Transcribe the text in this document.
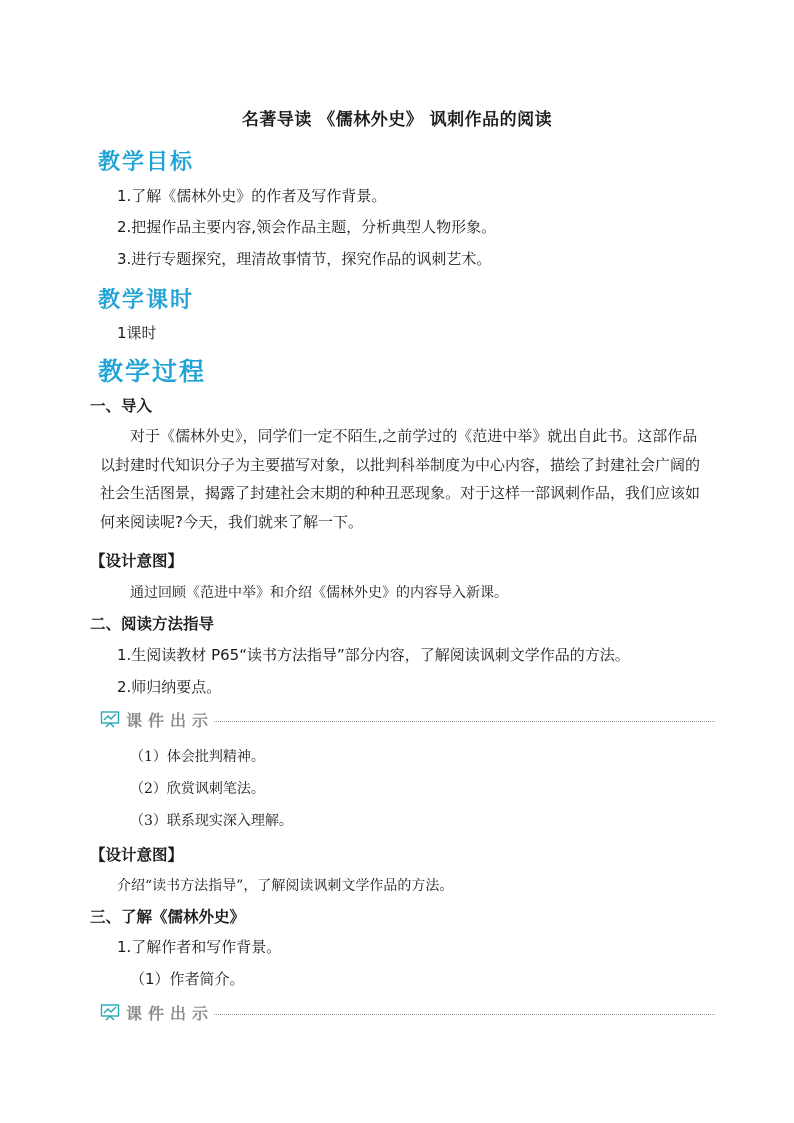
名著导读 《儒林外史》 讽刺作品的阅读
教学目标
1.了解《儒林外史》的作者及写作背景。
2.把握作品主要内容,领会作品主题，分析典型人物形象。
3.进行专题探究，理清故事情节，探究作品的讽刺艺术。
教学课时
1课时
教学过程
一、导入
对于《儒林外史》，同学们一定不陌生,之前学过的《范进中举》就出自此书。这部作品以封建时代知识分子为主要描写对象，以批判科举制度为中心内容，描绘了封建社会广阔的社会生活图景，揭露了封建社会末期的种种丑恶现象。对于这样一部讽刺作品，我们应该如何来阅读呢?今天，我们就来了解一下。
【设计意图】
通过回顾《范进中举》和介绍《儒林外史》的内容导入新课。
二、阅读方法指导
1.生阅读教材 P65“读书方法指导”部分内容，了解阅读讽刺文学作品的方法。
2.师归纳要点。
课件出示
（1）体会批判精神。
（2）欣赏讽刺笔法。
（3）联系现实深入理解。
【设计意图】
介绍“读书方法指导”，了解阅读讽刺文学作品的方法。
三、了解《儒林外史》
1.了解作者和写作背景。
（1）作者简介。
课件出示
